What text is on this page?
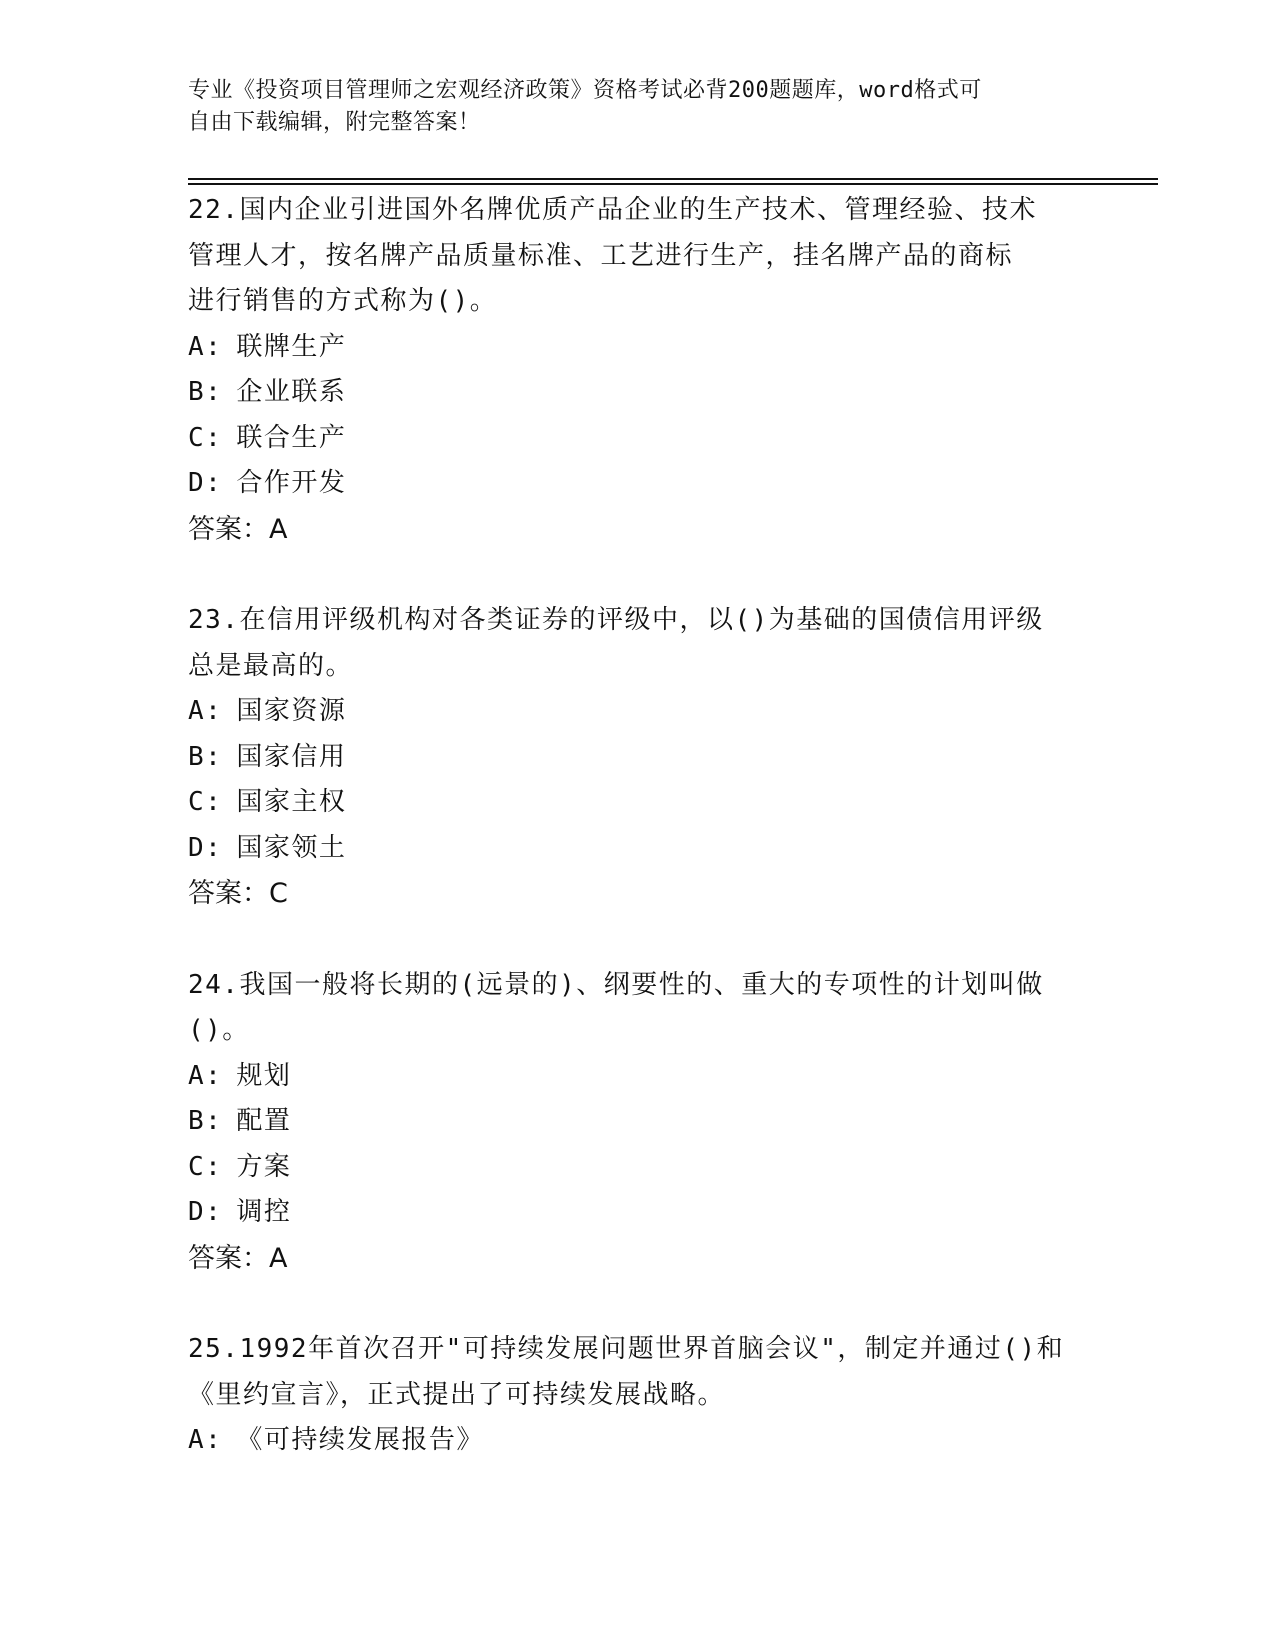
专业《投资项目管理师之宏观经济政策》资格考试必背200题题库，word格式可
自由下载编辑，附完整答案！

22.国内企业引进国外名牌优质产品企业的生产技术、管理经验、技术

管理人才，按名牌产品质量标准、工艺进行生产，挂名牌产品的商标

进行销售的方式称为()。

A: 联牌生产

B: 企业联系

C: 联合生产

D: 合作开发

答案：A

23.在信用评级机构对各类证券的评级中，以()为基础的国债信用评级

总是最高的。

A: 国家资源

B: 国家信用

C: 国家主权

D: 国家领土

答案：C

24.我国一般将长期的(远景的)、纲要性的、重大的专项性的计划叫做

()。

A: 规划

B: 配置

C: 方案

D: 调控

答案：A

25.1992年首次召开"可持续发展问题世界首脑会议"，制定并通过()和

《里约宣言》，正式提出了可持续发展战略。

A: 《可持续发展报告》
